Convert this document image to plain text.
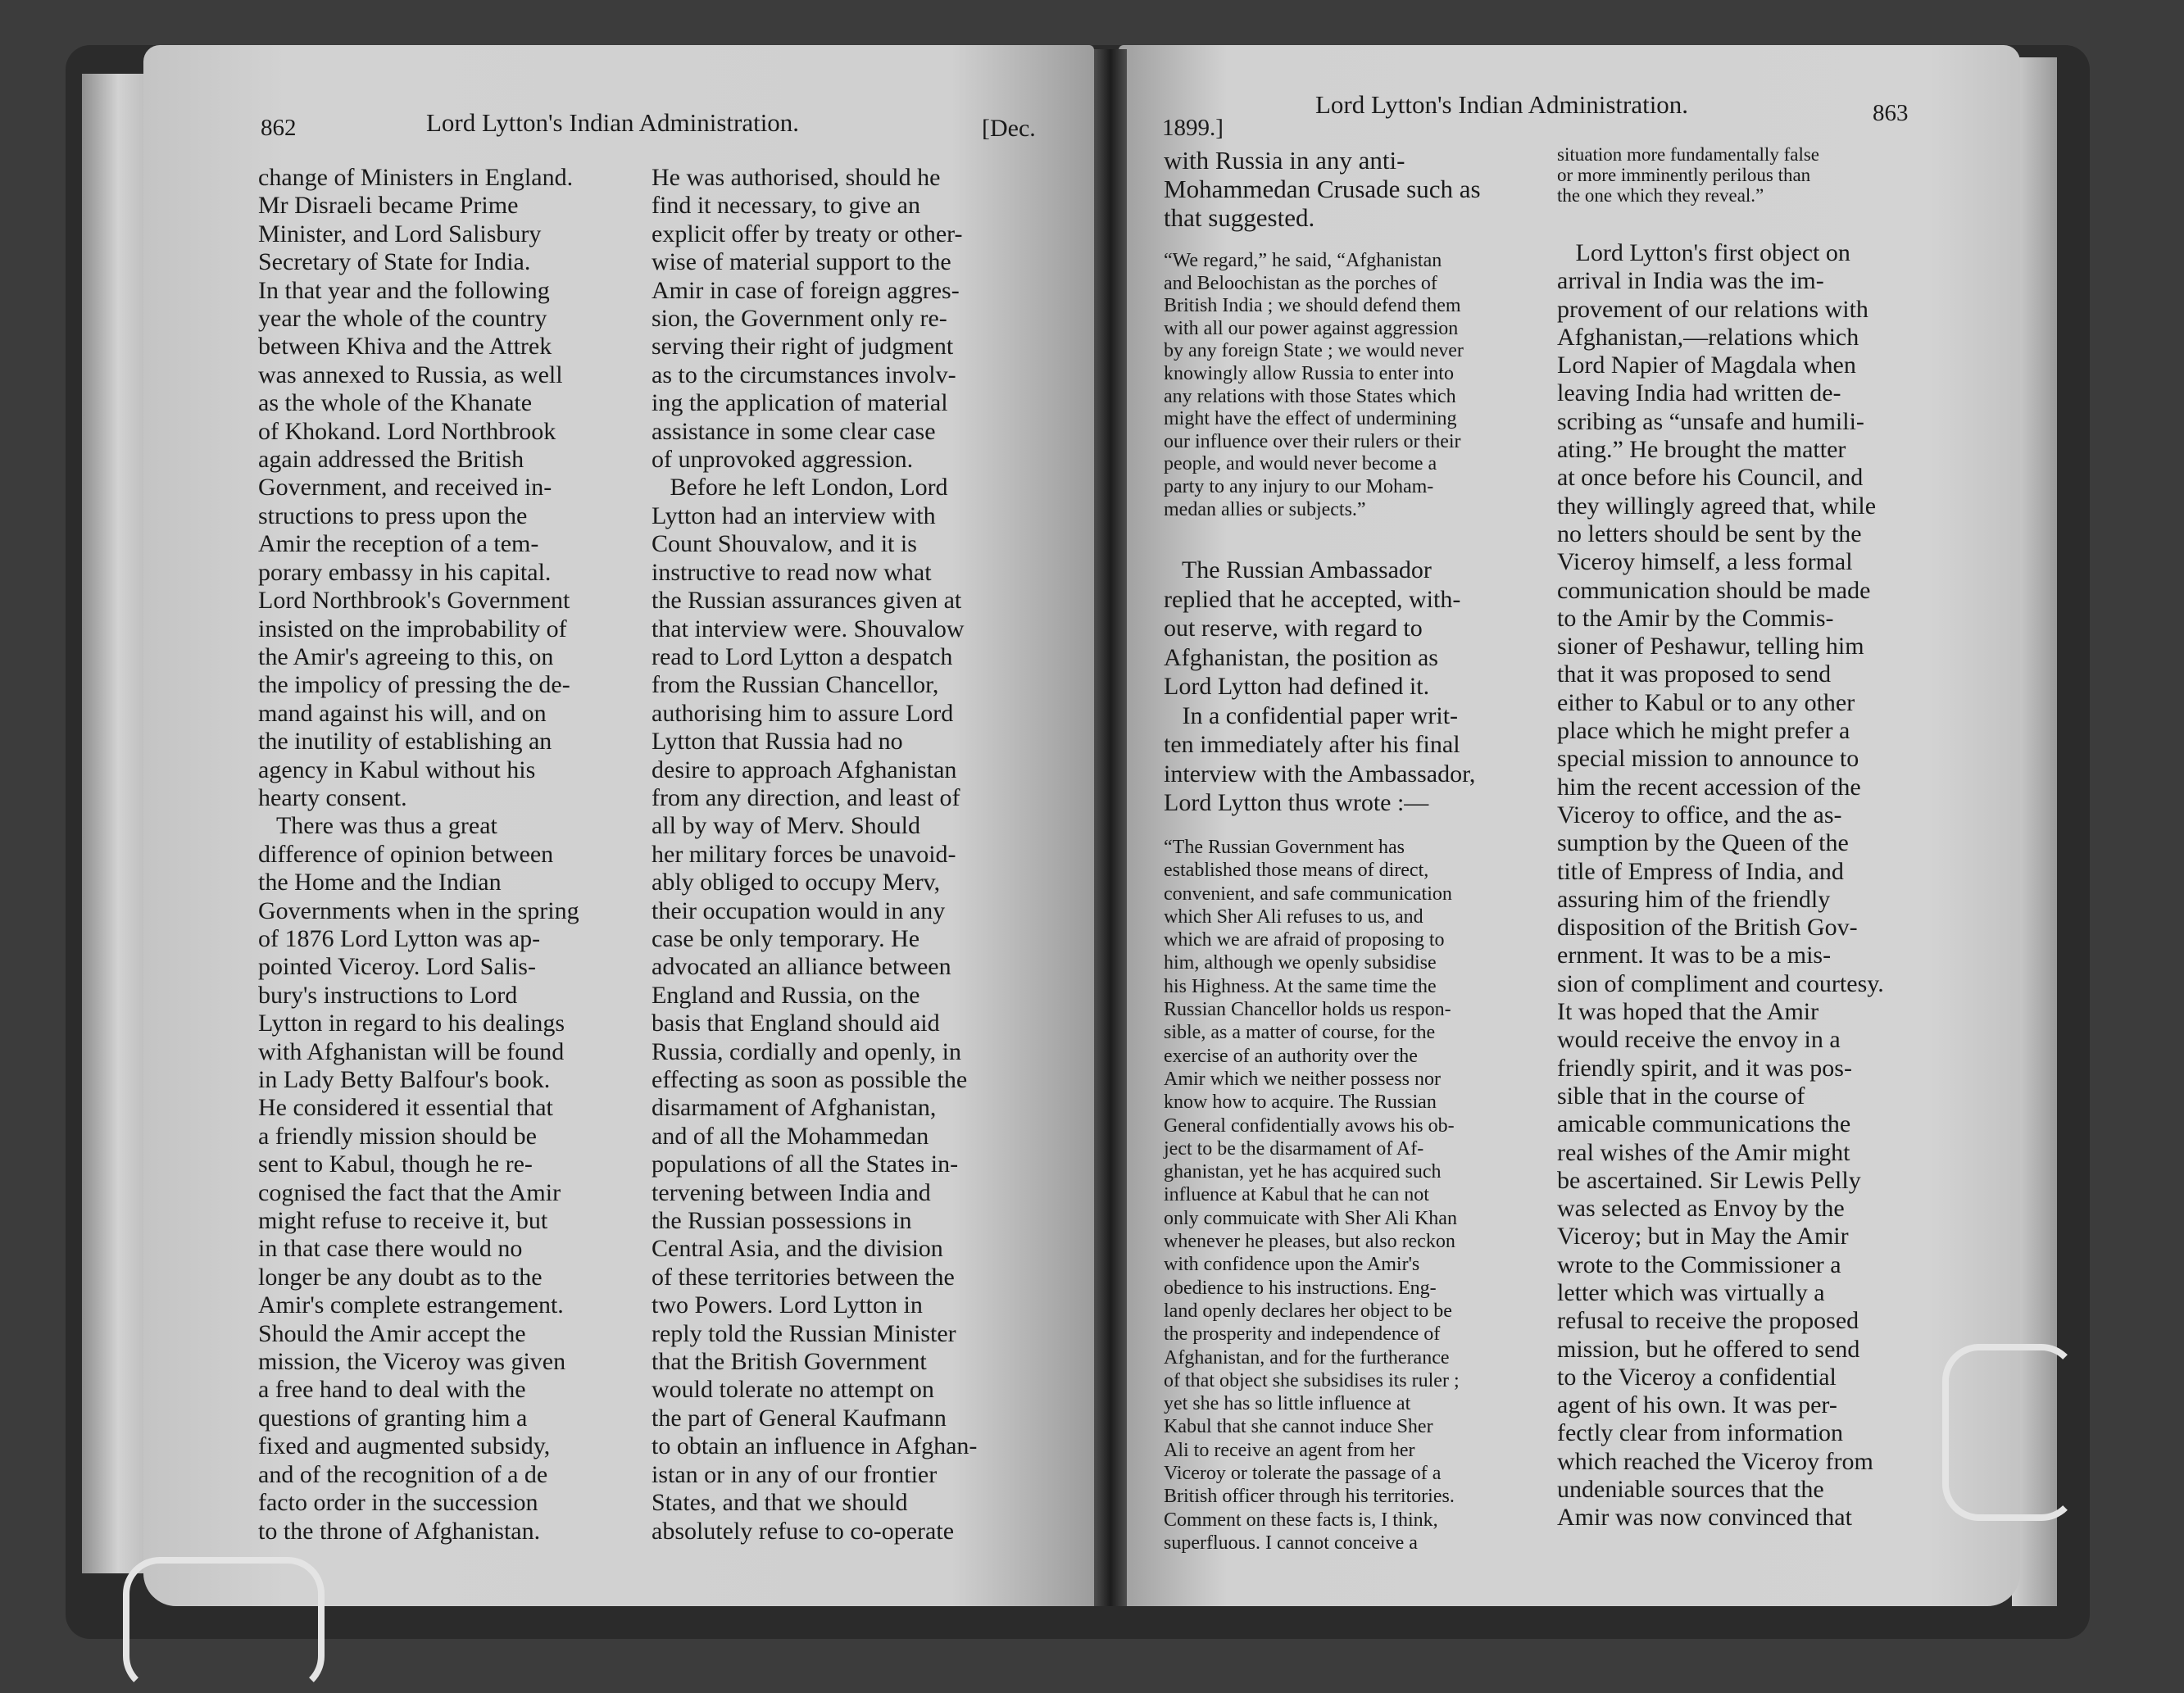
862	Lord Lytton's Indian Administration.	[Dec.
change of Ministers in England.
Mr Disraeli became Prime
Minister, and Lord Salisbury
Secretary of State for India.
In that year and the following
year the whole of the country
between Khiva and the Attrek
was annexed to Russia, as well
as the whole of the Khanate
of Khokand. Lord Northbrook
again addressed the British
Government, and received in-
structions to press upon the
Amir the reception of a tem-
porary embassy in his capital.
Lord Northbrook's Government
insisted on the improbability of
the Amir's agreeing to this, on
the impolicy of pressing the de-
mand against his will, and on
the inutility of establishing an
agency in Kabul without his
hearty consent.
There was thus a great
difference of opinion between
the Home and the Indian
Governments when in the spring
of 1876 Lord Lytton was ap-
pointed Viceroy. Lord Salis-
bury's instructions to Lord
Lytton in regard to his dealings
with Afghanistan will be found
in Lady Betty Balfour's book.
He considered it essential that
a friendly mission should be
sent to Kabul, though he re-
cognised the fact that the Amir
might refuse to receive it, but
in that case there would no
longer be any doubt as to the
Amir's complete estrangement.
Should the Amir accept the
mission, the Viceroy was given
a free hand to deal with the
questions of granting him a
fixed and augmented subsidy,
and of the recognition of a de
facto order in the succession
to the throne of Afghanistan.
He was authorised, should he
find it necessary, to give an
explicit offer by treaty or other-
wise of material support to the
Amir in case of foreign aggres-
sion, the Government only re-
serving their right of judgment
as to the circumstances involv-
ing the application of material
assistance in some clear case
of unprovoked aggression.
Before he left London, Lord
Lytton had an interview with
Count Shouvalow, and it is
instructive to read now what
the Russian assurances given at
that interview were. Shouvalow
read to Lord Lytton a despatch
from the Russian Chancellor,
authorising him to assure Lord
Lytton that Russia had no
desire to approach Afghanistan
from any direction, and least of
all by way of Merv. Should
her military forces be unavoid-
ably obliged to occupy Merv,
their occupation would in any
case be only temporary. He
advocated an alliance between
England and Russia, on the
basis that England should aid
Russia, cordially and openly, in
effecting as soon as possible the
disarmament of Afghanistan,
and of all the Mohammedan
populations of all the States in-
tervening between India and
the Russian possessions in
Central Asia, and the division
of these territories between the
two Powers. Lord Lytton in
reply told the Russian Minister
that the British Government
would tolerate no attempt on
the part of General Kaufmann
to obtain an influence in Afghan-
istan or in any of our frontier
States, and that we should
absolutely refuse to co-operate
1899.]
Lord Lytton's Indian Administration.	863
with Russia in any anti-
Mohammedan Crusade such as
that suggested.
“We regard,” he said, “Afghanistan
and Beloochistan as the porches of
British India ; we should defend them
with all our power against aggression
by any foreign State ; we would never
knowingly allow Russia to enter into
any relations with those States which
might have the effect of undermining
our influence over their rulers or their
people, and would never become a
party to any injury to our Moham-
medan allies or subjects.”
The Russian Ambassador
replied that he accepted, with-
out reserve, with regard to
Afghanistan, the position as
Lord Lytton had defined it.
In a confidential paper writ-
ten immediately after his final
interview with the Ambassador,
Lord Lytton thus wrote :—
“The Russian Government has
established those means of direct,
convenient, and safe communication
which Sher Ali refuses to us, and
which we are afraid of proposing to
him, although we openly subsidise
his Highness. At the same time the
Russian Chancellor holds us respon-
sible, as a matter of course, for the
exercise of an authority over the
Amir which we neither possess nor
know how to acquire. The Russian
General confidentially avows his ob-
ject to be the disarmament of Af-
ghanistan, yet he has acquired such
influence at Kabul that he can not
only commuicate with Sher Ali Khan
whenever he pleases, but also reckon
with confidence upon the Amir's
obedience to his instructions. Eng-
land openly declares her object to be
the prosperity and independence of
Afghanistan, and for the furtherance
of that object she subsidises its ruler ;
yet she has so little influence at
Kabul that she cannot induce Sher
Ali to receive an agent from her
Viceroy or tolerate the passage of a
British officer through his territories.
Comment on these facts is, I think,
superfluous. I cannot conceive a
situation more fundamentally false
or more imminently perilous than
the one which they reveal.”
Lord Lytton's first object on
arrival in India was the im-
provement of our relations with
Afghanistan,—relations which
Lord Napier of Magdala when
leaving India had written de-
scribing as “unsafe and humili-
ating.” He brought the matter
at once before his Council, and
they willingly agreed that, while
no letters should be sent by the
Viceroy himself, a less formal
communication should be made
to the Amir by the Commis-
sioner of Peshawur, telling him
that it was proposed to send
either to Kabul or to any other
place which he might prefer a
special mission to announce to
him the recent accession of the
Viceroy to office, and the as-
sumption by the Queen of the
title of Empress of India, and
assuring him of the friendly
disposition of the British Gov-
ernment. It was to be a mis-
sion of compliment and courtesy.
It was hoped that the Amir
would receive the envoy in a
friendly spirit, and it was pos-
sible that in the course of
amicable communications the
real wishes of the Amir might
be ascertained. Sir Lewis Pelly
was selected as Envoy by the
Viceroy; but in May the Amir
wrote to the Commissioner a
letter which was virtually a
refusal to receive the proposed
mission, but he offered to send
to the Viceroy a confidential
agent of his own. It was per-
fectly clear from information
which reached the Viceroy from
undeniable sources that the
Amir was now convinced that
